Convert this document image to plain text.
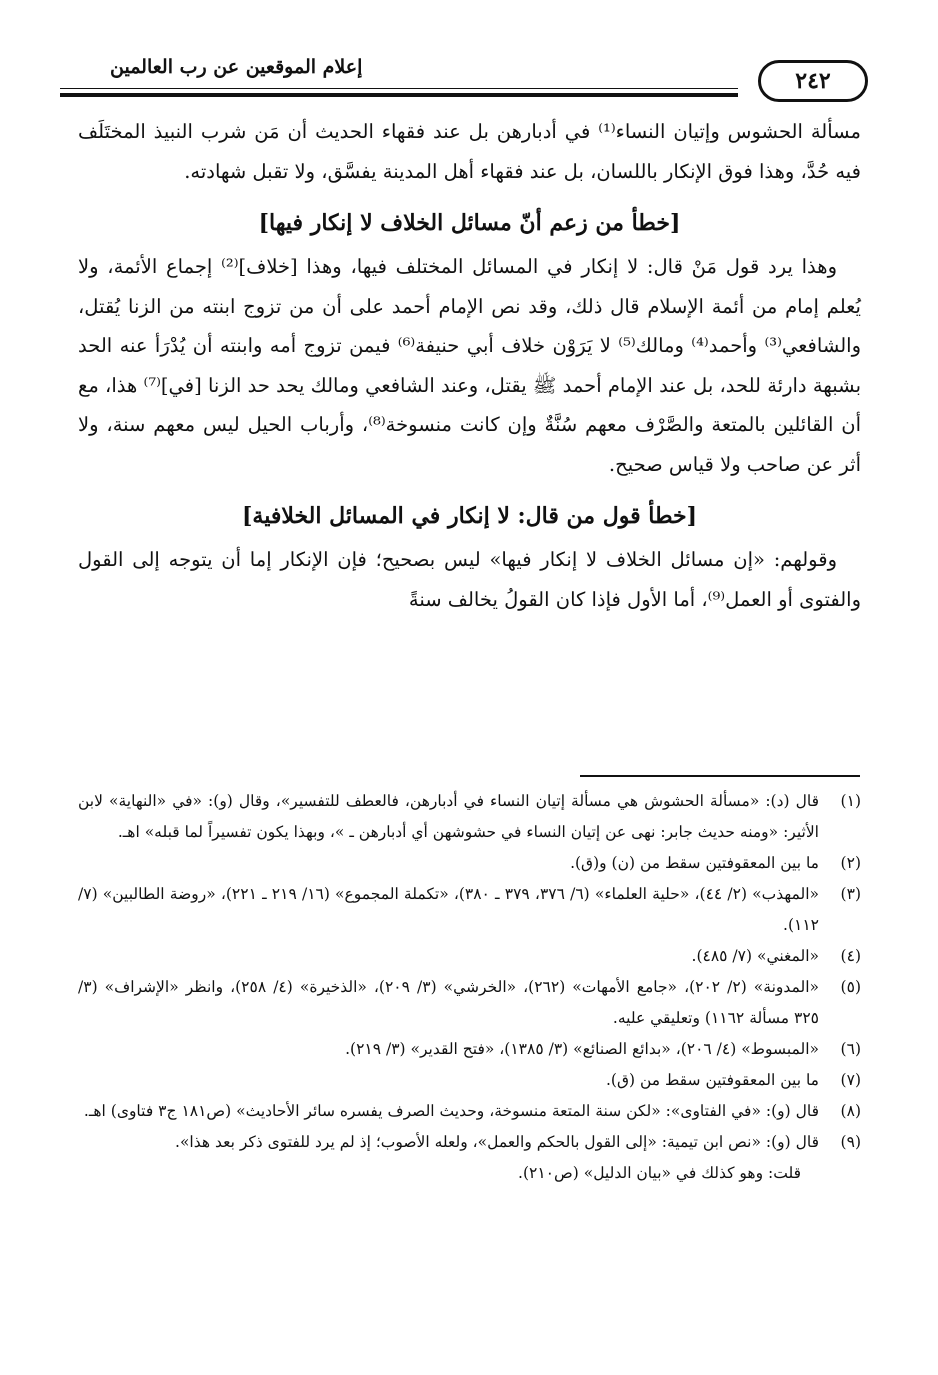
إعلام الموقعين عن رب العالمين
٢٤٢

مسألة الحشوس وإتيان النساء⁽¹⁾ في أدبارهن بل عند فقهاء الحديث أن مَن شرب النبيذ المختَلَف فيه حُدَّ، وهذا فوق الإنكار باللسان، بل عند فقهاء أهل المدينة يفسَّق، ولا تقبل شهادته.

[خطأ من زعم أنّ مسائل الخلاف لا إنكار فيها]

وهذا يرد قول مَنْ قال: لا إنكار في المسائل المختلف فيها، وهذا [خلاف]⁽²⁾ إجماع الأئمة، ولا يُعلم إمام من أئمة الإسلام قال ذلك، وقد نص الإمام أحمد على أن من تزوج ابنته من الزنا يُقتل، والشافعي⁽³⁾ وأحمد⁽⁴⁾ ومالك⁽⁵⁾ لا يَرَوْن خلاف أبي حنيفة⁽⁶⁾ فيمن تزوج أمه وابنته أن يُدْرَأ عنه الحد بشبهة دارئة للحد، بل عند الإمام أحمد ﷺ يقتل، وعند الشافعي ومالك يحد حد الزنا [في]⁽⁷⁾ هذا، مع أن القائلين بالمتعة والصَّرْف معهم سُنَّةٌ وإن كانت منسوخة⁽⁸⁾، وأرباب الحيل ليس معهم سنة، ولا أثر عن صاحب ولا قياس صحيح.

[خطأ قول من قال: لا إنكار في المسائل الخلافية]

وقولهم: «إن مسائل الخلاف لا إنكار فيها» ليس بصحيح؛ فإن الإنكار إما أن يتوجه إلى القول والفتوى أو العمل⁽⁹⁾، أما الأول فإذا كان القولُ يخالف سنةً

(١)
قال (د): «مسألة الحشوش هي مسألة إتيان النساء في أدبارهن، فالعطف للتفسير»، وقال (و): «في «النهاية» لابن الأثير: «ومنه حديث جابر: نهى عن إتيان النساء في حشوشهن أي أدبارهن ـ »، وبهذا يكون تفسيراً لما قبله» اهـ.
(٢)
ما بين المعقوفتين سقط من (ن) و(ق).
(٣)
«المهذب» (٢/ ٤٤)، «حلية العلماء» (٦/ ٣٧٦، ٣٧٩ ـ ٣٨٠)، «تكملة المجموع» (١٦/ ٢١٩ ـ ٢٢١)، «روضة الطالبين» (٧/ ١١٢).
(٤)
«المغني» (٧/ ٤٨٥).
(٥)
«المدونة» (٢/ ٢٠٢)، «جامع الأمهات» (٢٦٢)، «الخرشي» (٣/ ٢٠٩)، «الذخيرة» (٤/ ٢٥٨)، وانظر «الإشراف» (٣/ ٣٢٥ مسألة ١١٦٢) وتعليقي عليه.
(٦)
«المبسوط» (٤/ ٢٠٦)، «بدائع الصنائع» (٣/ ١٣٨٥)، «فتح القدير» (٣/ ٢١٩).
(٧)
ما بين المعقوفتين سقط من (ق).
(٨)
قال (و): «في الفتاوى»: «لكن سنة المتعة منسوخة، وحديث الصرف يفسره سائر الأحاديث» (ص١٨١ ج٣ فتاوى) اهـ.
(٩)
قال (و): «نص ابن تيمية: «إلى القول بالحكم والعمل»، ولعله الأصوب؛ إذ لم يرد للفتوى ذكر بعد هذا».
قلت: وهو كذلك في «بيان الدليل» (ص٢١٠).
